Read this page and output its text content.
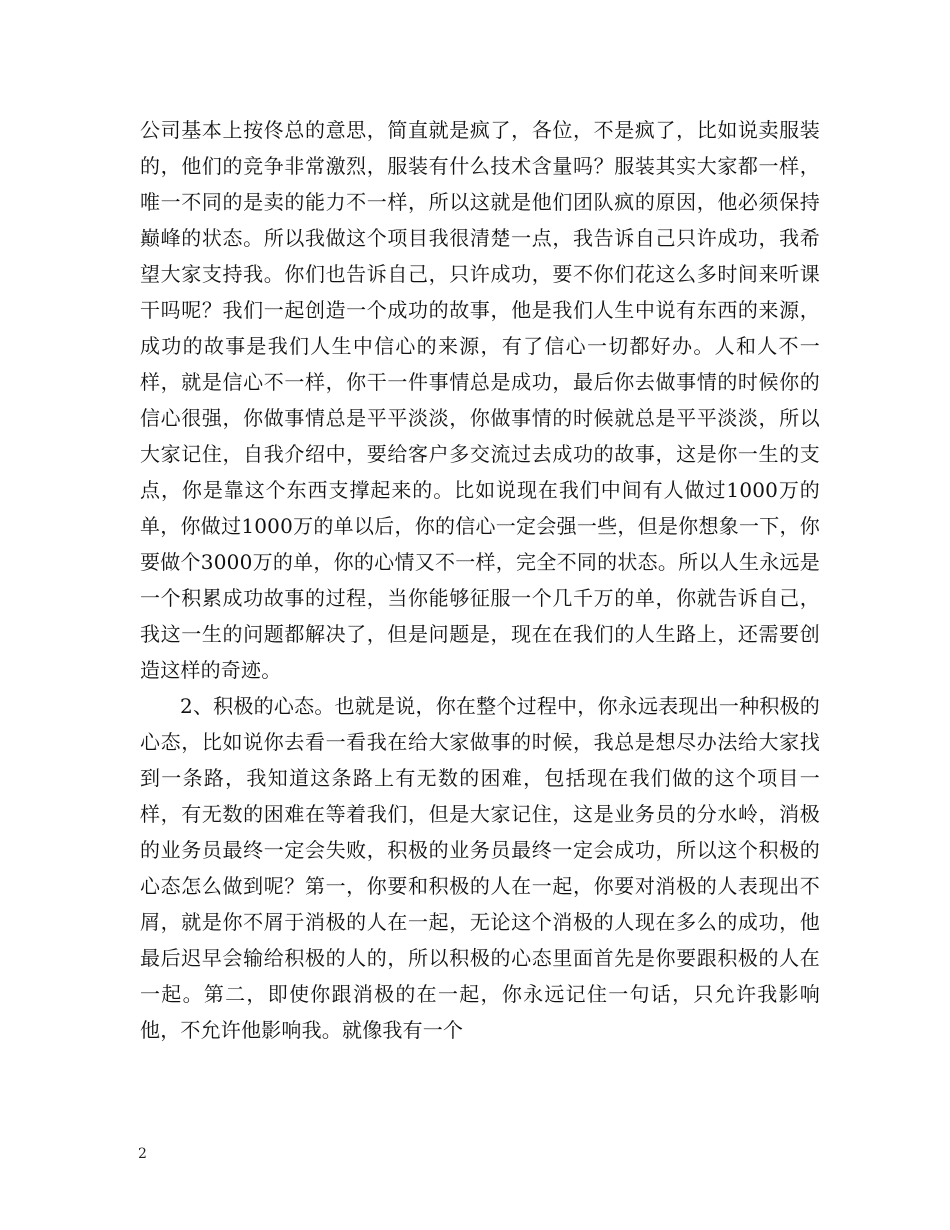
公司基本上按佟总的意思，简直就是疯了，各位，不是疯了，比如说卖服装的，他们的竞争非常激烈，服装有什么技术含量吗？服装其实大家都一样，唯一不同的是卖的能力不一样，所以这就是他们团队疯的原因，他必须保持巅峰的状态。所以我做这个项目我很清楚一点，我告诉自己只许成功，我希望大家支持我。你们也告诉自己，只许成功，要不你们花这么多时间来听课干吗呢？我们一起创造一个成功的故事，他是我们人生中说有东西的来源，成功的故事是我们人生中信心的来源，有了信心一切都好办。人和人不一样，就是信心不一样，你干一件事情总是成功，最后你去做事情的时候你的信心很强，你做事情总是平平淡淡，你做事情的时候就总是平平淡淡，所以大家记住，自我介绍中，要给客户多交流过去成功的故事，这是你一生的支点，你是靠这个东西支撑起来的。比如说现在我们中间有人做过1000万的单，你做过1000万的单以后，你的信心一定会强一些，但是你想象一下，你要做个3000万的单，你的心情又不一样，完全不同的状态。所以人生永远是一个积累成功故事的过程，当你能够征服一个几千万的单，你就告诉自己，我这一生的问题都解决了，但是问题是，现在在我们的人生路上，还需要创造这样的奇迹。

2、积极的心态。也就是说，你在整个过程中，你永远表现出一种积极的心态，比如说你去看一看我在给大家做事的时候，我总是想尽办法给大家找到一条路，我知道这条路上有无数的困难，包括现在我们做的这个项目一样，有无数的困难在等着我们，但是大家记住，这是业务员的分水岭，消极的业务员最终一定会失败，积极的业务员最终一定会成功，所以这个积极的心态怎么做到呢？第一，你要和积极的人在一起，你要对消极的人表现出不屑，就是你不屑于消极的人在一起，无论这个消极的人现在多么的成功，他最后迟早会输给积极的人的，所以积极的心态里面首先是你要跟积极的人在一起。第二，即使你跟消极的在一起，你永远记住一句话，只允许我影响他，不允许他影响我。就像我有一个

2
